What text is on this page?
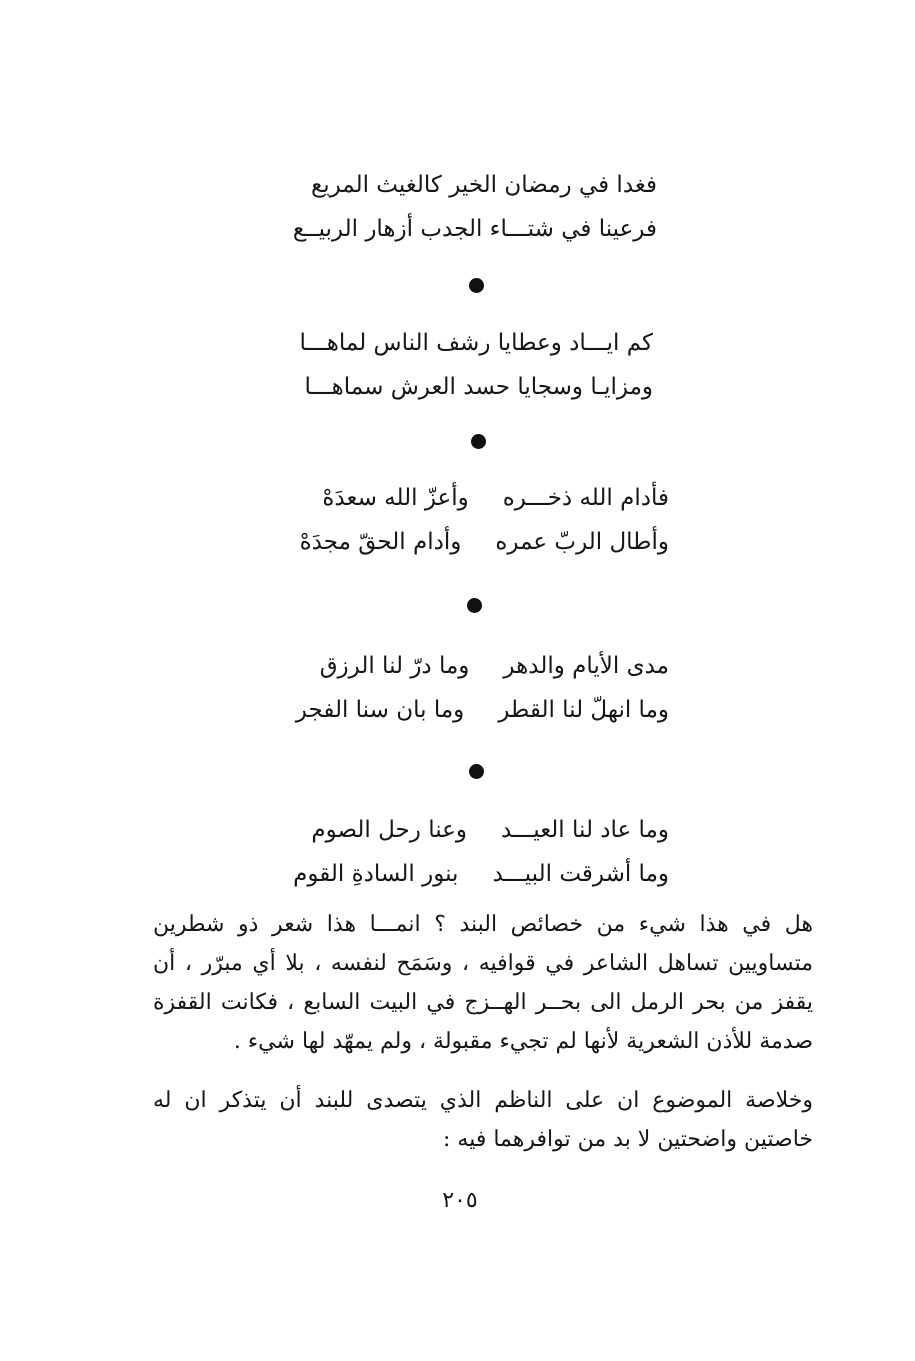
فغدا في رمضان الخير كالغيث المريع
فرعينا في شتـــاء الجدب أزهار الربيــع
كم ايـــاد وعطايا رشف الناس لماهـــا
ومزايـا وسجايا حسد العرش سماهـــا
فأدام الله ذخـــره
وأعزّ الله سعدَهْ
وأطال الربّ عمره
وأدام الحقّ مجدَهْ
مدى الأيام والدهر
وما درّ لنا الرزق
وما انهلّ لنا القطر
وما بان سنا الفجر
وما عاد لنا العيـــد
وعنا رحل الصوم
وما أشرقت البيـــد
بنور السادةِ القوم

هل في هذا شيء من خصائص البند ؟ انمـــا هذا شعر ذو شطرين متساويين تساهل الشاعر في قوافيه ، وسَمَح لنفسه ، بلا أي مبرّر ، أن يقفز من بحر الرمل الى بحــر الهــزج في البيت السابع ، فكانت القفزة صدمة للأذن الشعرية لأنها لم تجيء مقبولة ، ولم يمهّد لها شيء .

وخلاصة الموضوع ان على الناظم الذي يتصدى للبند أن يتذكر ان له خاصتين واضحتين لا بد من توافرهما فيه :

٢٠٥
